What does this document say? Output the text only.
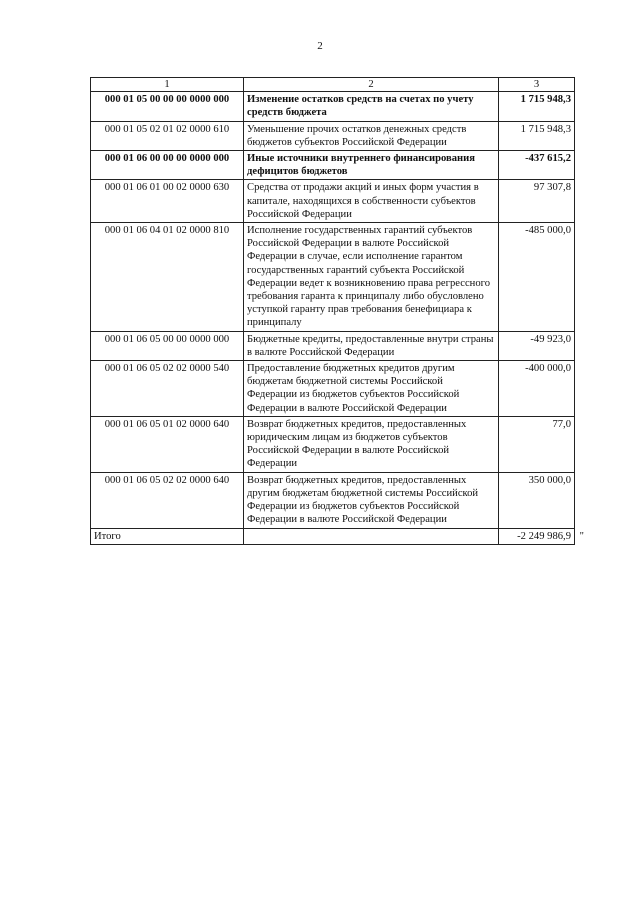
2
1	2	3
000 01 05 00 00 00 0000 000	Изменение остатков средств на счетах по учету средств бюджета	1 715 948,3
000 01 05 02 01 02 0000 610	Уменьшение прочих остатков денежных средств бюджетов субъектов Российской Федерации	1 715 948,3
000 01 06 00 00 00 0000 000	Иные источники внутреннего финансирования дефицитов бюджетов	-437 615,2
000 01 06 01 00 02 0000 630	Средства от продажи акций и иных форм участия в капитале, находящихся в собственности субъектов Российской Федерации	97 307,8
000 01 06 04 01 02 0000 810	Исполнение государственных гарантий субъектов Российской Федерации в валюте Российской Федерации в случае, если исполнение гарантом государственных гарантий субъекта Российской Федерации ведет к возникновению права регрессного требования гаранта к принципалу либо обусловлено уступкой гаранту прав требования бенефициара к принципалу	-485 000,0
000 01 06 05 00 00 0000 000	Бюджетные кредиты, предоставленные внутри страны в валюте Российской Федерации	-49 923,0
000 01 06 05 02 02 0000 540	Предоставление бюджетных кредитов другим бюджетам бюджетной системы Российской Федерации из бюджетов субъектов Российской Федерации в валюте Российской Федерации	-400 000,0
000 01 06 05 01 02 0000 640	Возврат бюджетных кредитов, предоставленных юридическим лицам из бюджетов субъектов Российской Федерации в валюте Российской Федерации	77,0
000 01 06 05 02 02 0000 640	Возврат бюджетных кредитов, предоставленных другим бюджетам бюджетной системы Российской Федерации из бюджетов субъектов Российской Федерации в валюте Российской Федерации	350 000,0
Итого		-2 249 986,9 "
